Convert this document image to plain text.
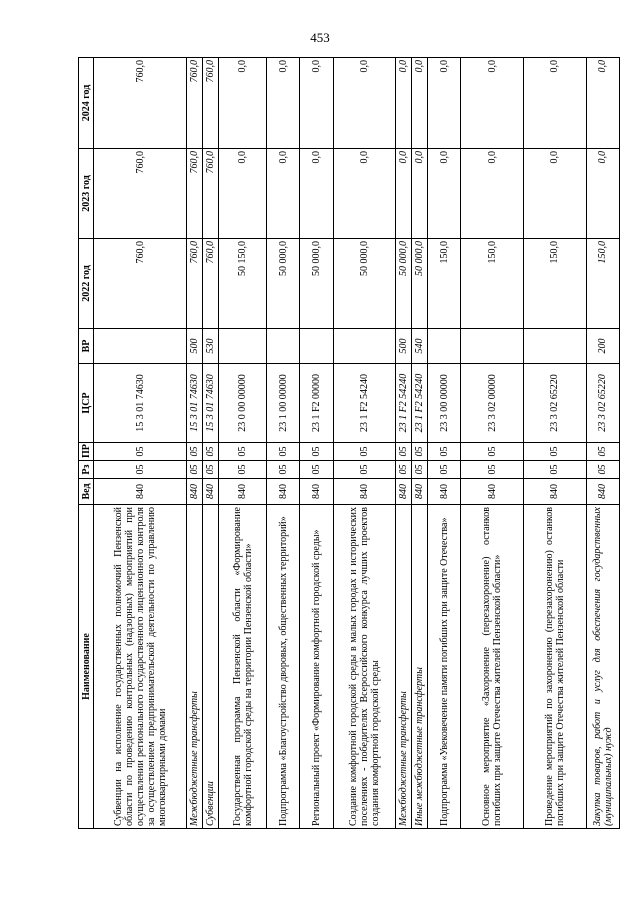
453
Наименование	Вед	Рз	ПР	ЦСР	ВР	2022 год	2023 год	2024 год
Субвенции на исполнение государственных полномочий Пензенской области по проведению контрольных (надзорных) мероприятий при осуществлении регионального государственного лицензионного контроля за осуществлением предпринимательской деятельности по управлению многоквартирными домами	840	05	05	15 3 01 74630		760,0	760,0	760,0
Межбюджетные трансферты	840	05	05	15 3 01 74630	500	760,0	760,0	760,0
Субвенции	840	05	05	15 3 01 74630	530	760,0	760,0	760,0
Государственная программа Пензенской области «Формирование комфортной городской среды на территории Пензенской области»	840	05	05	23 0 00 00000		50 150,0	0,0	0,0
Подпрограмма «Благоустройство дворовых, общественных территорий»	840	05	05	23 1 00 00000		50 000,0	0,0	0,0
Региональный проект «Формирование комфортной городской среды»	840	05	05	23 1 F2 00000		50 000,0	0,0	0,0
Создание комфортной городской среды в малых городах и исторических поселениях - победителях Всероссийского конкурса лучших проектов создания комфортной городской среды	840	05	05	23 1 F2 54240		50 000,0	0,0	0,0
Межбюджетные трансферты	840	05	05	23 1 F2 54240	500	50 000,0	0,0	0,0
Иные межбюджетные трансферты	840	05	05	23 1 F2 54240	540	50 000,0	0,0	0,0
Подпрограмма «Увековечение памяти погибших при защите Отечества»	840	05	05	23 3 00 00000		150,0	0,0	0,0
Основное мероприятие «Захоронение (перезахоронение) останков погибших при защите Отечества жителей Пензенской области»	840	05	05	23 3 02 00000		150,0	0,0	0,0
Проведение мероприятий по захоронению (перезахоронению) останков погибших при защите Отечества жителей Пензенской области	840	05	05	23 3 02 65220		150,0	0,0	0,0
Закупка товаров, работ и услуг для обеспечения государственных (муниципальных) нужд	840	05	05	23 3 02 65220	200	150,0	0,0	0,0
